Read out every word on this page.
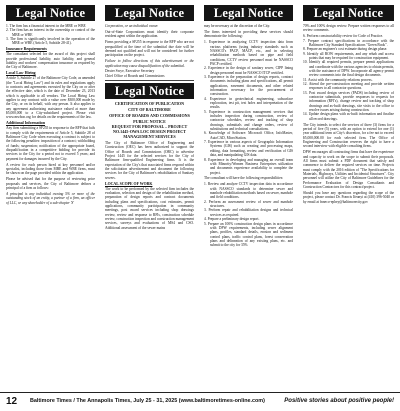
Legal Notice
1. The firm has a financial interest in the MBE or WBE
2. The firm has an interest in the ownership or control of the MBE or WBE
3. The firm is significantly involved in the operation of the MBE or WBE (Article 5, Subtitle 28-41).
Insurance Requirements

The consultant selected for the award of this project shall provide professional liability, auto liability, and general liability and workers' compensation insurance as required by the City of Baltimore.

Local Law Hiring

Article 5, Subtitle 27 of the Baltimore City Code, as amended (the "Local Hiring Law") and its rules and regulations apply to contracts and agreements executed by the City on or after the effective date, which is the date of December 23, 2013 which is applicable to all vendors. The Local Hiring Law applies to any contract with a value over $300,000 made by the City, or on its behalf, with any person. It also applies to any agreement authorizing assistance valued at more than $5,000,000 to a City-subsidized project. Please visit www.mwboo.org for details on the requirements of the law.

Additional Information

Any firm submitting a SF255 in response to the RFP that fails to comply with the requirements of Article 5, Subtitle 28 of Baltimore City Code when executing a contract is subject to the following penalties: imposition of a contract; withholding of funds; suspension; notification of the appropriate board, disqualification in a competitive bidding for provide its services to the City for a period not to exceed 5 years; and payment for damages incurred by the City.

A review for each person hired at key personnel and/or specialist, including those from MBE and WBE firms, must be shown on the page provided within the application.

Please be advised that for the purpose of reviewing price proposals and services, the City of Baltimore defines a principal of a firm as follows:

A principal is any individual owning 5% or more of the outstanding stock of an entity, a partner of a firm, an officer of LLC, or any shareholder of a sub-chapter 'S'

Legal Notice

Corporation, or an individual owner.

Out-of-State Corporations must identify their corporate resident agent within the application.

Firms providing a SF255 in response to the RFP who are not prequalified at the time of the submittal due date will be deemed not qualified and will not be considered for further participation on the project.

Failure to follow directions of this advertisement or the application may cause disqualification of the submittal.

Dexter Swye, Executive Secretary

Chief Office of Boards and Commissions

Legal Notice
CERTIFICATION OF PUBLICATION
CITY OF BALTIMORE
OFFICE OF BOARDS AND COMMISSIONS
PUBLIC NOTICE
REQUEST FOR PROPOSAL – PROJECT NO.1445-OWA LOC DESIGN PROJECT MANAGEMENT SERVICES

The City of Baltimore Office of Engineering and Construction (OEC) has been authorized to support the Office of Boards and Commissions (OBC) to advertise Project 1445 for the selected services for the City of Baltimore firm-qualified Engineering firms. It is the expectation of the City's that associated firms respond within the solicitation advertisement and document the following services for the City of Baltimore's rehabilitation of Sanitary sewers.

LOCAL SCOPE OF WORK

The work to be performed by the selected firm includes the evaluation, selection and design of the rehabilitation method, preparation of design reports and contract documents including plans and specifications, cost estimates, permit applications, community participation in community meetings, post award services including shop drawings review, review and response to RFIs, construction schedule review, construction inspection and construction management services, surveys and evaluations of MS4 and CSO. Additional assessment of the sewer mains

Legal Notice

may be necessary at the discretion of the City.

The firms interested in providing these services should demonstrate the following:

1. Experience in analyzing CCTV inspection data from various platforms (using industry standards such as NASSCO's PACP, MACP, etc., and in selecting rehabilitation methods based on pipe and field conditions, CCTV review personnel must be NASSCO PACP certified.
2. Experience in the design of sanitary sewer, CIPP lining design personnel must be NASSCO ITCP certified.
3. Experience in the preparation of design reports, contract documents including plans and specifications, all permit applications, easement documents, and other related information necessary for the procurement of construction.
4. Experience in geotechnical engineering, subsurface exploration, test pit, test holes and interpretation of the results.
5. Experience in construction management services that includes inspection during construction, review of contractor schedules, review and tracking of shop drawings, submittals and change orders, review of substitutions and technical consultations.
6. Knowledge of Software: Microsoft Office, InfoMaster, AutoCAD, MicroStation.
7. Experience in various aspects of Geographic Information Systems (GIS) such as creating and processing maps, editing, data formatting, review and verification of GIS data, and manipulating GIS data.
8. Experience in developing and managing an overall team with Minority/Women Business Enterprises utilization and documents experience availability to complete the project.

The consultant will have the following responsibilities:

1. Review and analyze CCTV inspection data in accordance with NASSCO standards to determine sewer and manhole rehabilitation methods based on sewer, manhole and field conditions.
2. Perform an assessment review of sewer and manhole structures.
3. Perform repair and rehabilitation designs and technical services as required.
4. Prepare a preliminary design report.
5. Prepare an 100% construction design plans in accordance with DPW requirements, including sewer alignment plans, profiles, standard details, erosion and sediment control plans, traffic control plans, forest conservation plans and delineation of any existing plans, etc. and submit to the city for 35%
Legal Notice

70% and 100% design review. Prepare written responses to all review comments.

6. Perform constructability review for Code of Practice.
7. Prepare contract specifications in accordance with the Baltimore City Standard Specifications "Green Book".
8. Prepare an engineer's cost estimate during design phase.
9. Identify all ROW requirements, and any rehab and access points that may be required for construction equipment.
10. Identify all required permits, prepare permit applications and coordinate with the various agencies to obtain permits, with the assistance of DPW. Incorporate all agency permit review comments into the final design documents.
11. Assist with the community relations process.
12. Attend the pre-construction meeting and provide written responses to all contractor questions.
13. Post award design services (PADS) including review of contractor submittals, provide responses to requests for information (RFI's), change review and tracking of shop drawings and as-built drawings, site visits to the office to resolve issues arising during construction.
14. Update design plans with as-built information and finalize all record drawings.

The City intends to select the services of three (3) firms for a period of five (5) years, with an option to extend for one (1) year additional term at City's discretion, for a fee not to exceed $5,000,000.00 for each selected firm. The Office of Engineering and Construction reserves the right to have a second interview with eligible consulting firms.

DPW encourages all contracting firms that have the experience and capacity to work on the scope to submit their proposals. All firms must submit a PDF document that satisfy and commence to deliver the required services on time. Projects must comply with the 2016 edition of "The Specifications for Materials, Highways, Utilities and Incidental Structures". City personnel will utilize the City of Baltimore Guidelines for the Performance Evaluation of Design Consultants and Construction Contractors for this contract/project.

Should you have any questions regarding the scope of the project, please contact Dr. Francis Ifeanyi at (410) 396-5040 or by email at fnneco-ephey@baltimorecity.gov

12 Baltimore Times / The Annapolis Times, July 25 - 31, 2025 (www.baltimoretimes-online.com)	Positive stories about positive people!
